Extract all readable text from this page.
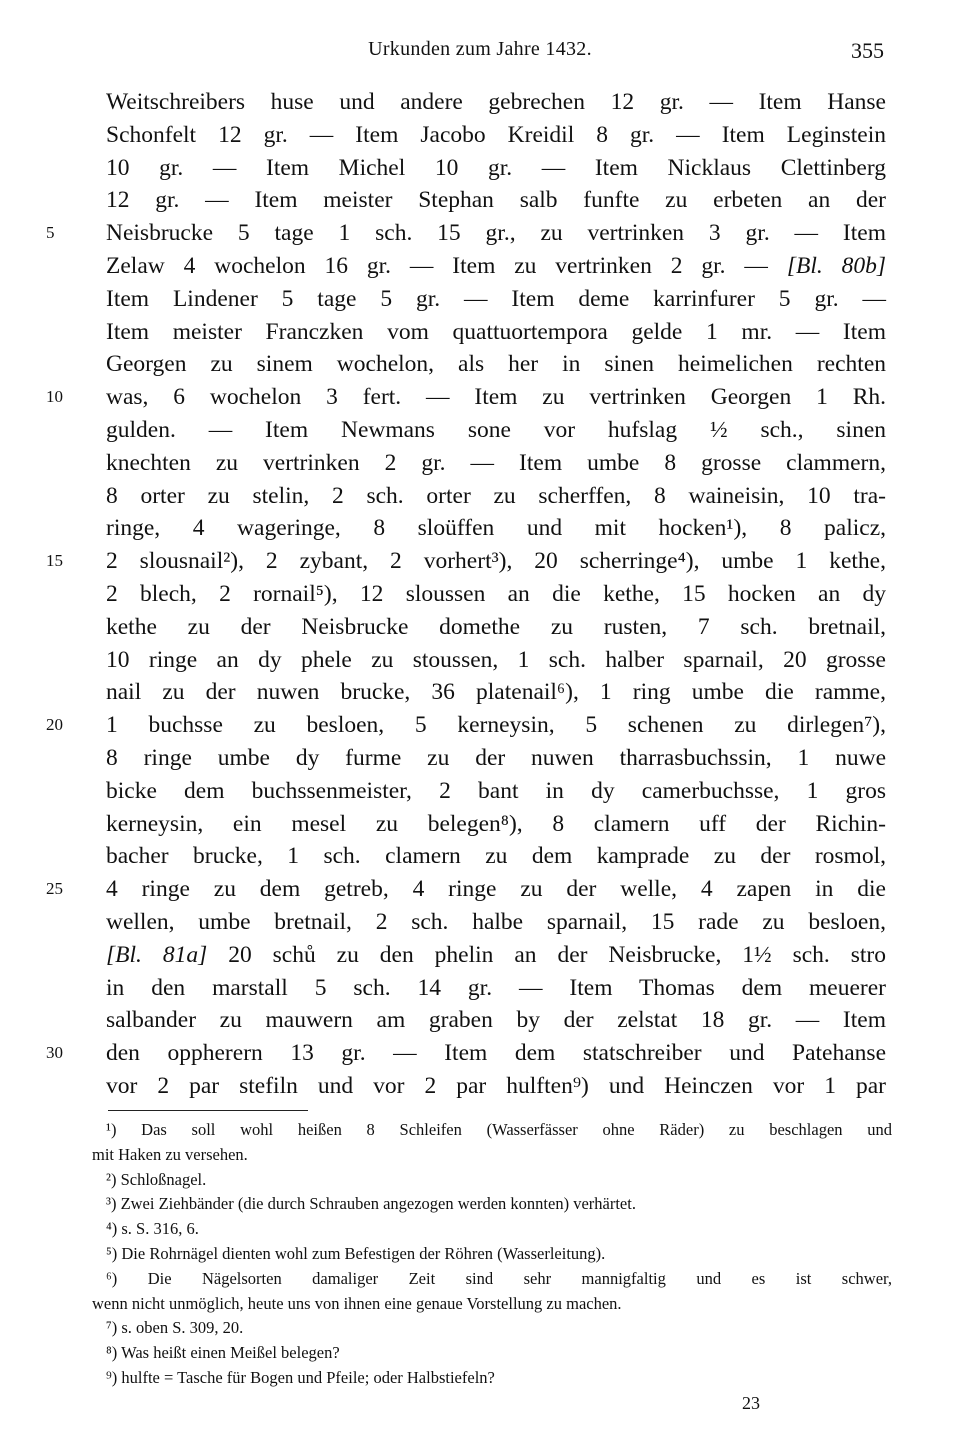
Urkunden zum Jahre 1432.	355
Weitschreibers huse und andere gebrechen 12 gr. — Item Hanse
Schonfelt 12 gr. — Item Jacobo Kreidil 8 gr. — Item Leginstein
10 gr. — Item Michel 10 gr. — Item Nicklaus Clettinberg
12 gr. — Item meister Stephan salb funfte zu erbeten an der
Neisbrucke 5 tage 1 sch. 15 gr., zu vertrinken 3 gr. — Item
5
Zelaw 4 wochelon 16 gr. — Item zu vertrinken 2 gr. — [Bl. 80b]
Item Lindener 5 tage 5 gr. — Item deme karrinfurer 5 gr. —
Item meister Franczken vom quattuortempora gelde 1 mr. — Item
Georgen zu sinem wochelon, als her in sinen heimelichen rechten
was, 6 wochelon 3 fert. — Item zu vertrinken Georgen 1 Rh.
10
gulden. — Item Newmans sone vor hufslag ½ sch., sinen
knechten zu vertrinken 2 gr. — Item umbe 8 grosse clammern,
8 orter zu stelin, 2 sch. orter zu scherffen, 8 waineisin, 10 tra-
ringe, 4 wageringe, 8 sloüffen und mit hocken¹), 8 palicz,
2 slousnail²), 2 zybant, 2 vorhert³), 20 scherringe⁴), umbe 1 kethe,
15
2 blech, 2 rornail⁵), 12 sloussen an die kethe, 15 hocken an dy
kethe zu der Neisbrucke domethe zu rusten, 7 sch. bretnail,
10 ringe an dy phele zu stoussen, 1 sch. halber sparnail, 20 grosse
nail zu der nuwen brucke, 36 platenail⁶), 1 ring umbe die ramme,
1 buchsse zu besloen, 5 kerneysin, 5 schenen zu dirlegen⁷),
20
8 ringe umbe dy furme zu der nuwen tharrasbuchssin, 1 nuwe
bicke dem buchssenmeister, 2 bant in dy camerbuchsse, 1 gros
kerneysin, ein mesel zu belegen⁸), 8 clamern uff der Richin-
bacher brucke, 1 sch. clamern zu dem kamprade zu der rosmol,
4 ringe zu dem getreb, 4 ringe zu der welle, 4 zapen in die
25
wellen, umbe bretnail, 2 sch. halbe sparnail, 15 rade zu besloen,
[Bl. 81a] 20 schů zu den phelin an der Neisbrucke, 1½ sch. stro
in den marstall 5 sch. 14 gr. — Item Thomas dem meuerer
salbander zu mauwern am graben by der zelstat 18 gr. — Item
den oppherern 13 gr. — Item dem statschreiber und Patehanse
30
vor 2 par stefiln und vor 2 par hulften⁹) und Heinczen vor 1 par
¹) Das soll wohl heißen 8 Schleifen (Wasserfässer ohne Räder) zu beschlagen und
mit Haken zu versehen.
²) Schloßnagel.
³) Zwei Ziehbänder (die durch Schrauben angezogen werden konnten) verhärtet.
⁴) s. S. 316, 6.
⁵) Die Rohrnägel dienten wohl zum Befestigen der Röhren (Wasserleitung).
⁶) Die Nägelsorten damaliger Zeit sind sehr mannigfaltig und es ist schwer,
wenn nicht unmöglich, heute uns von ihnen eine genaue Vorstellung zu machen.
⁷) s. oben S. 309, 20.
⁸) Was heißt einen Meißel belegen?
⁹) hulfte = Tasche für Bogen und Pfeile; oder Halbstiefeln?
23
